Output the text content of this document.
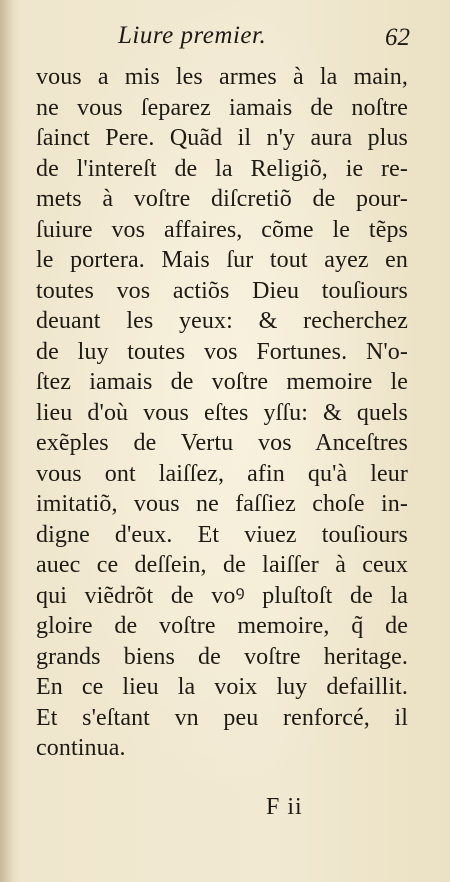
Liure premier.	62
vous a mis les armes à la main,
ne vous ſeparez iamais de noſtre
ſainct Pere. Quãd il n'y aura plus
de l'intereſt de la Religiõ, ie re-
mets à voſtre diſcretiõ de pour-
ſuiure vos affaires, cõme le tẽps
le portera. Mais ſur tout ayez en
toutes vos actiõs Dieu touſiours
deuant les yeux: & recherchez
de luy toutes vos Fortunes. N'o-
ſtez iamais de voſtre memoire le
lieu d'où vous eſtes yſſu: & quels
exẽples de Vertu vos Anceſtres
vous ont laiſſez, afin qu'à leur
imitatiõ, vous ne faſſiez choſe in-
digne d'eux. Et viuez touſiours
auec ce deſſein, de laiſſer à ceux
qui viẽdrõt de voꝰ pluſtoſt de la
gloire de voſtre memoire, q̃ de
grands biens de voſtre heritage.
En ce lieu la voix luy defaillit.
Et s'eſtant vn peu renforcé, il
continua.
F ii
